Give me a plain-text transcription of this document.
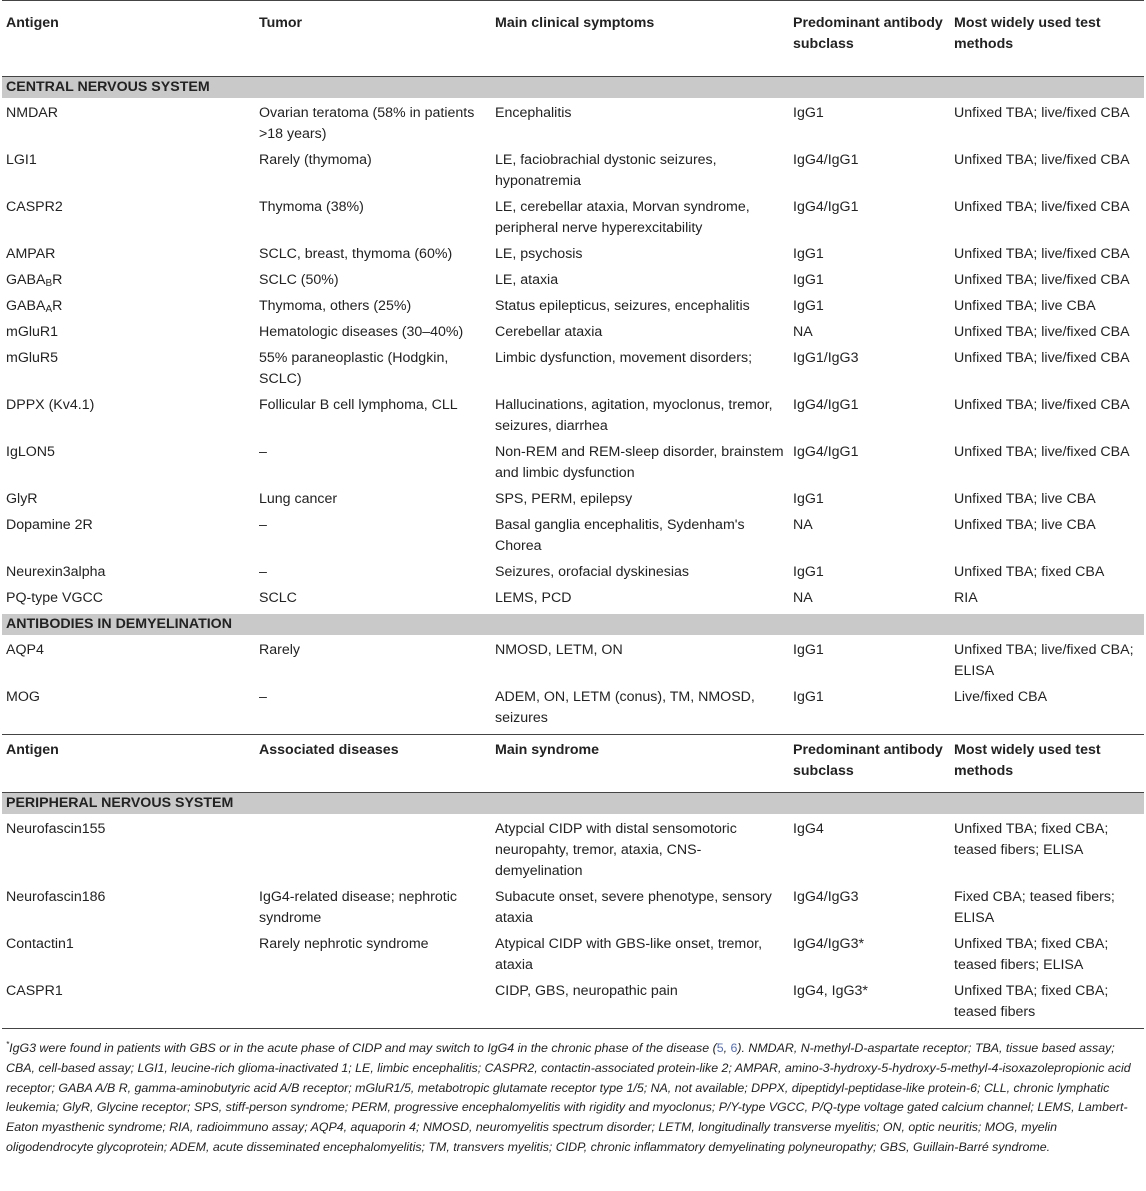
Antigen	Tumor	Main clinical symptoms	Predominant antibody subclass	Most widely used test methods

CENTRAL NERVOUS SYSTEM				
NMDAR	Ovarian teratoma (58% in patients >18 years)	Encephalitis	IgG1	Unfixed TBA; live/fixed CBA
LGI1	Rarely (thymoma)	LE, faciobrachial dystonic seizures, hyponatremia	IgG4/IgG1	Unfixed TBA; live/fixed CBA
CASPR2	Thymoma (38%)	LE, cerebellar ataxia, Morvan syndrome, peripheral nerve hyperexcitability	IgG4/IgG1	Unfixed TBA; live/fixed CBA
AMPAR	SCLC, breast, thymoma (60%)	LE, psychosis	IgG1	Unfixed TBA; live/fixed CBA
$GABA_BR$	SCLC (50%)	LE, ataxia	IgG1	Unfixed TBA; live/fixed CBA
$GABA_AR$	Thymoma, others (25%)	Status epilepticus, seizures, encephalitis	IgG1	Unfixed TBA; live CBA
mGluR1	Hematologic diseases (30–40%)	Cerebellar ataxia	NA	Unfixed TBA; live/fixed CBA
mGluR5	55% paraneoplastic (Hodgkin, SCLC)	Limbic dysfunction, movement disorders;	IgG1/IgG3	Unfixed TBA; live/fixed CBA
DPPX (Kv4.1)	Follicular B cell lymphoma, CLL	Hallucinations, agitation, myoclonus, tremor, seizures, diarrhea	IgG4/IgG1	Unfixed TBA; live/fixed CBA
IgLON5	–	Non-REM and REM-sleep disorder, brainstem and limbic dysfunction	IgG4/IgG1	Unfixed TBA; live/fixed CBA
GlyR	Lung cancer	SPS, PERM, epilepsy	IgG1	Unfixed TBA; live CBA
Dopamine 2R	–	Basal ganglia encephalitis, Sydenham's Chorea	NA	Unfixed TBA; live CBA
Neurexin3alpha	–	Seizures, orofacial dyskinesias	IgG1	Unfixed TBA; fixed CBA
PQ-type VGCC	SCLC	LEMS, PCD	NA	RIA
ANTIBODIES IN DEMYELINATION				
AQP4	Rarely	NMOSD, LETM, ON	IgG1	Unfixed TBA; live/fixed CBA; ELISA
MOG	–	ADEM, ON, LETM (conus), TM, NMOSD, seizures	IgG1	Live/fixed CBA
Antigen	Associated diseases	Main syndrome	Predominant antibody subclass	Most widely used test methods
PERIPHERAL NERVOUS SYSTEM				
Neurofascin155		Atypcial CIDP with distal sensomotoric neuropahty, tremor, ataxia, CNS-demyelination	IgG4	Unfixed TBA; fixed CBA; teased fibers; ELISA
Neurofascin186	IgG4-related disease; nephrotic syndrome	Subacute onset, severe phenotype, sensory ataxia	IgG4/IgG3	Fixed CBA; teased fibers; ELISA
Contactin1	Rarely nephrotic syndrome	Atypical CIDP with GBS-like onset, tremor, ataxia	IgG4/IgG3*	Unfixed TBA; fixed CBA; teased fibers; ELISA
CASPR1		CIDP, GBS, neuropathic pain	IgG4, IgG3*	Unfixed TBA; fixed CBA; teased fibers

*IgG3 were found in patients with GBS or in the acute phase of CIDP and may switch to IgG4 in the chronic phase of the disease (5, 6). NMDAR, N-methyl-D-aspartate receptor; TBA, tissue based assay; CBA, cell-based assay; LGI1, leucine-rich glioma-inactivated 1; LE, limbic encephalitis; CASPR2, contactin-associated protein-like 2; AMPAR, amino-3-hydroxy-5-hydroxy-5-methyl-4-isoxazolepropionic acid receptor; GABA A/B R, gamma-aminobutyric acid A/B receptor; mGluR1/5, metabotropic glutamate receptor type 1/5; NA, not available; DPPX, dipeptidyl-peptidase-like protein-6; CLL, chronic lymphatic leukemia; GlyR, Glycine receptor; SPS, stiff-person syndrome; PERM, progressive encephalomyelitis with rigidity and myoclonus; P/Y-type VGCC, P/Q-type voltage gated calcium channel; LEMS, Lambert-Eaton myasthenic syndrome; RIA, radioimmuno assay; AQP4, aquaporin 4; NMOSD, neuromyelitis spectrum disorder; LETM, longitudinally transverse myelitis; ON, optic neuritis; MOG, myelin oligodendrocyte glycoprotein; ADEM, acute disseminated encephalomyelitis; TM, transvers myelitis; CIDP, chronic inflammatory demyelinating polyneuropathy; GBS, Guillain-Barré syndrome.
